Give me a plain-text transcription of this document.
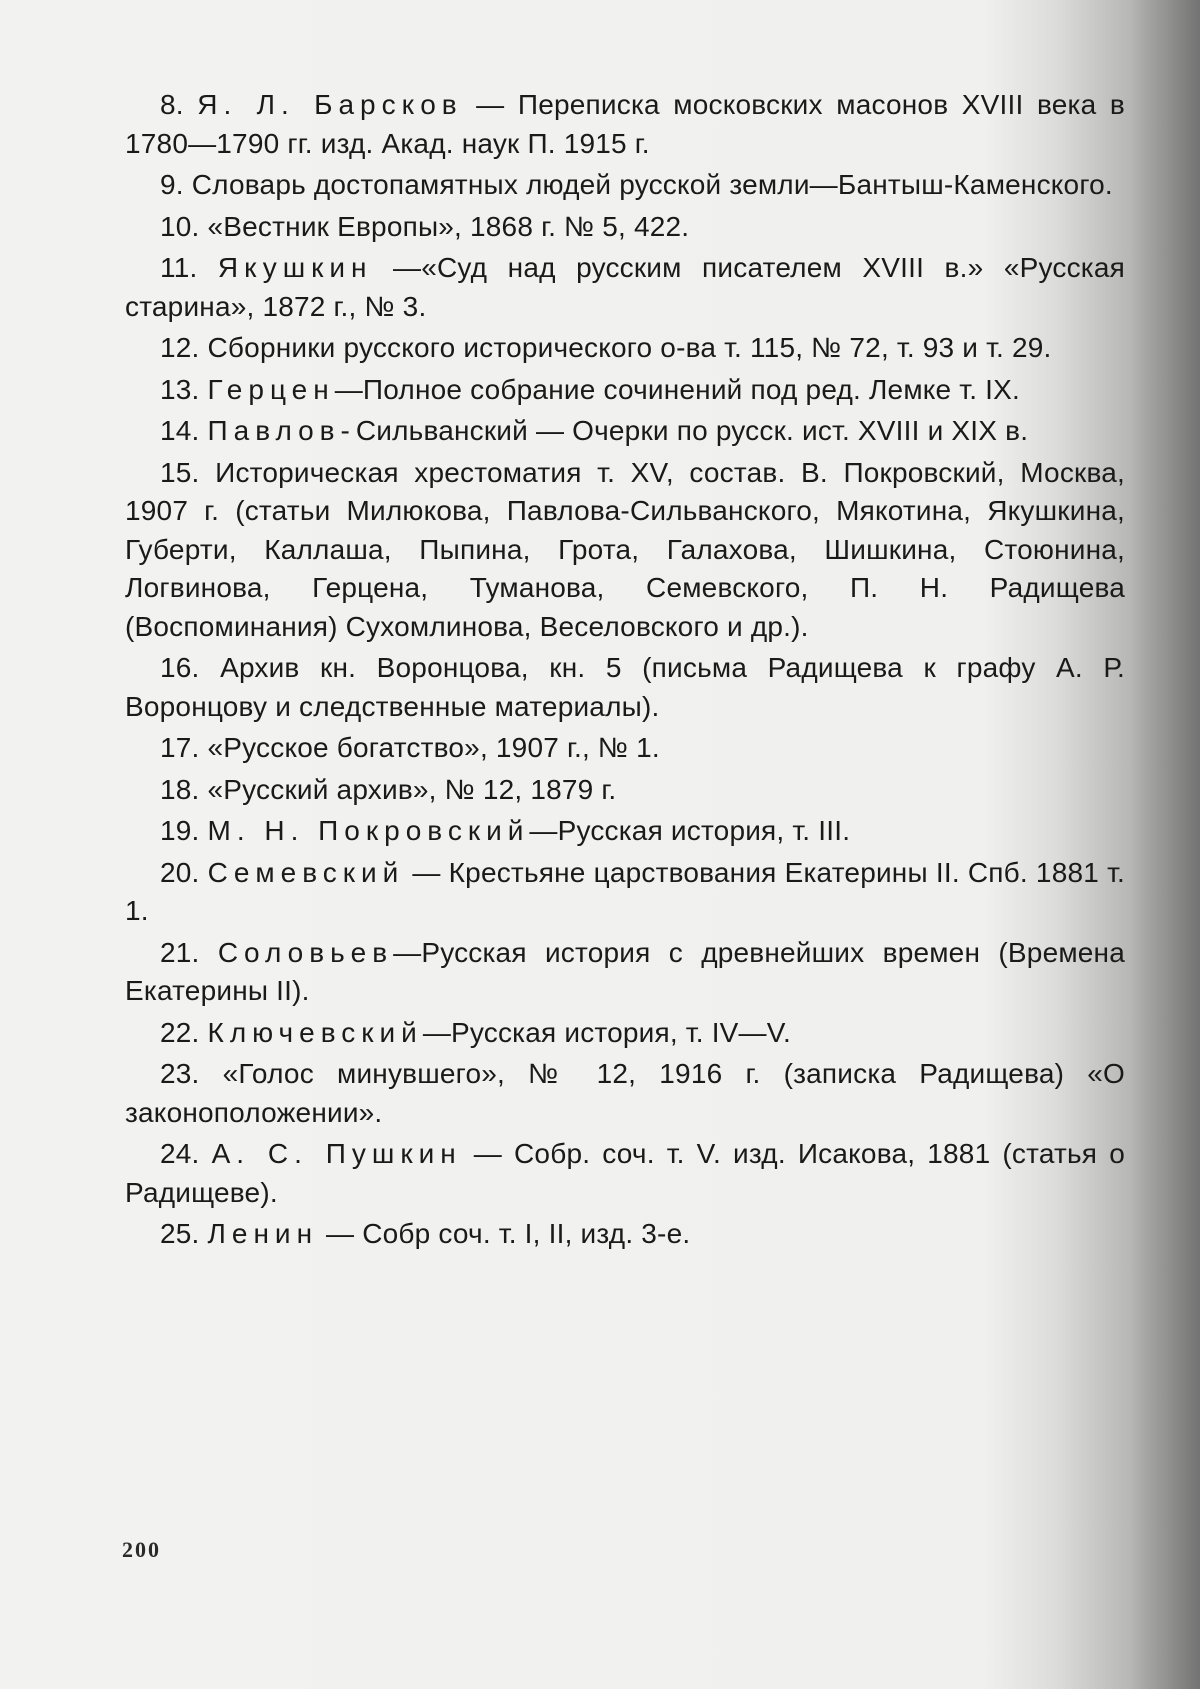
8. Я. Л. Барсков — Переписка московских масонов XVIII века в 1780—1790 гг. изд. Акад. наук П. 1915 г.

9. Словарь достопамятных людей русской земли—Бантыш-Каменского.

10. «Вестник Европы», 1868 г. № 5, 422.

11. Якушкин —«Суд над русским писателем XVIII в.» «Русская старина», 1872 г., № 3.

12. Сборники русского исторического о-ва т. 115, № 72, т. 93 и т. 29.

13. Герцен—Полное собрание сочинений под ред. Лемке т. IX.

14. Павлов-Сильванский — Очерки по русск. ист. XVIII и XIX в.

15. Историческая хрестоматия т. XV, состав. В. Покровский, Москва, 1907 г. (статьи Милюкова, Павлова-Сильванского, Мякотина, Якушкина, Губерти, Каллаша, Пыпина, Грота, Галахова, Шишкина, Стоюнина, Логвинова, Герцена, Туманова, Семевского, П. Н. Радищева (Воспоминания) Сухомлинова, Веселовского и др.).

16. Архив кн. Воронцова, кн. 5 (письма Радищева к графу А. Р. Воронцову и следственные материалы).

17. «Русское богатство», 1907 г., № 1.

18. «Русский архив», № 12, 1879 г.

19. М. Н. Покровский—Русская история, т. III.

20. Семевский — Крестьяне царствования Екатерины II. Спб. 1881 т. 1.

21. Соловьев—Русская история с древнейших времен (Времена Екатерины II).

22. Ключевский—Русская история, т. IV—V.

23. «Голос минувшего», № 12, 1916 г. (записка Радищева) «О законоположении».

24. А. С. Пушкин — Собр. соч. т. V. изд. Исакова, 1881 (статья о Радищеве).

25. Ленин — Собр соч. т. I, II, изд. 3-е.

200
